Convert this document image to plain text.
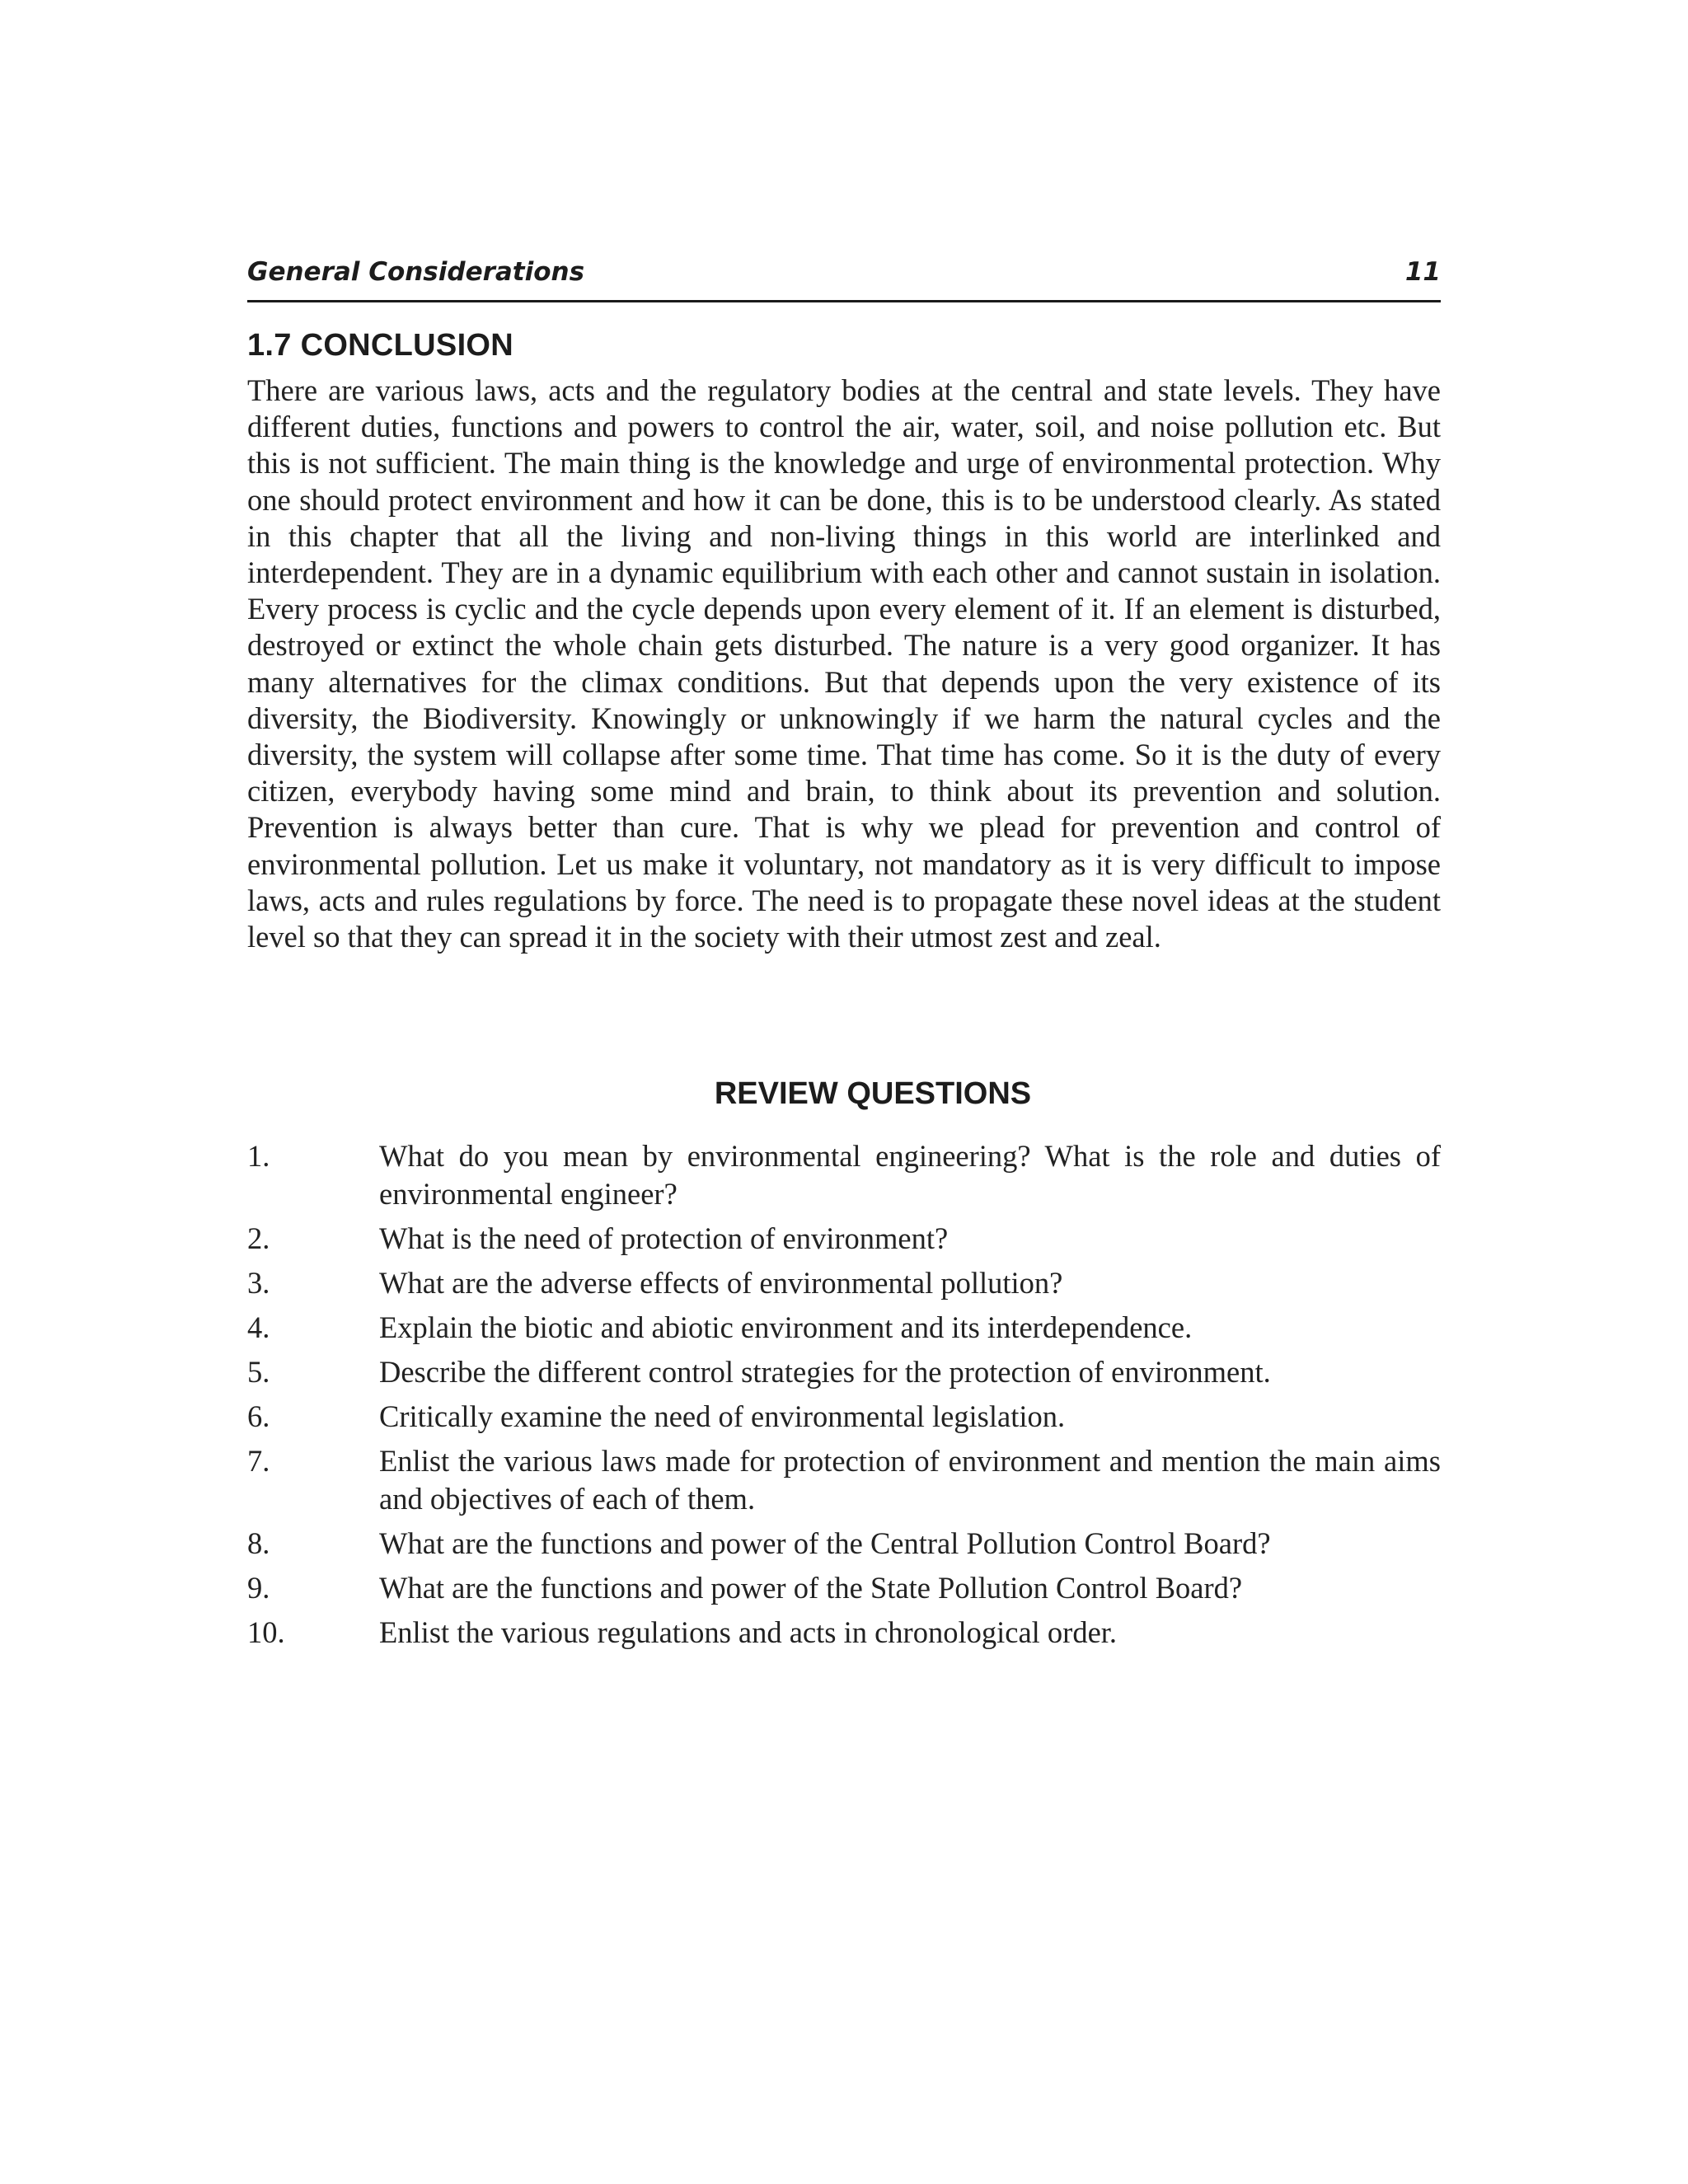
General Considerations	11
1.7 CONCLUSION

There are various laws, acts and the regulatory bodies at the central and state levels. They have different duties, functions and powers to control the air, water, soil, and noise pollution etc. But this is not sufficient. The main thing is the knowledge and urge of environmental protection. Why one should protect environment and how it can be done, this is to be understood clearly. As stated in this chapter that all the living and non-living things in this world are interlinked and interdependent. They are in a dynamic equilibrium with each other and cannot sustain in isolation. Every process is cyclic and the cycle depends upon every element of it. If an element is disturbed, destroyed or extinct the whole chain gets disturbed. The nature is a very good organizer. It has many alternatives for the climax conditions. But that depends upon the very existence of its diversity, the Biodiversity. Knowingly or unknowingly if we harm the natural cycles and the diversity, the system will collapse after some time. That time has come. So it is the duty of every citizen, everybody having some mind and brain, to think about its prevention and solution. Prevention is always better than cure. That is why we plead for prevention and control of environmental pollution. Let us make it voluntary, not mandatory as it is very difficult to impose laws, acts and rules regulations by force. The need is to propagate these novel ideas at the student level so that they can spread it in the society with their utmost zest and zeal.

REVIEW QUESTIONS
1.	What do you mean by environmental engineering? What is the role and duties of environmental engineer?
2.	What is the need of protection of environment?
3.	What are the adverse effects of environmental pollution?
4.	Explain the biotic and abiotic environment and its interdependence.
5.	Describe the different control strategies for the protection of environment.
6.	Critically examine the need of environmental legislation.
7.	Enlist the various laws made for protection of environment and mention the main aims and objectives of each of them.
8.	What are the functions and power of the Central Pollution Control Board?
9.	What are the functions and power of the State Pollution Control Board?
10.	Enlist the various regulations and acts in chronological order.
